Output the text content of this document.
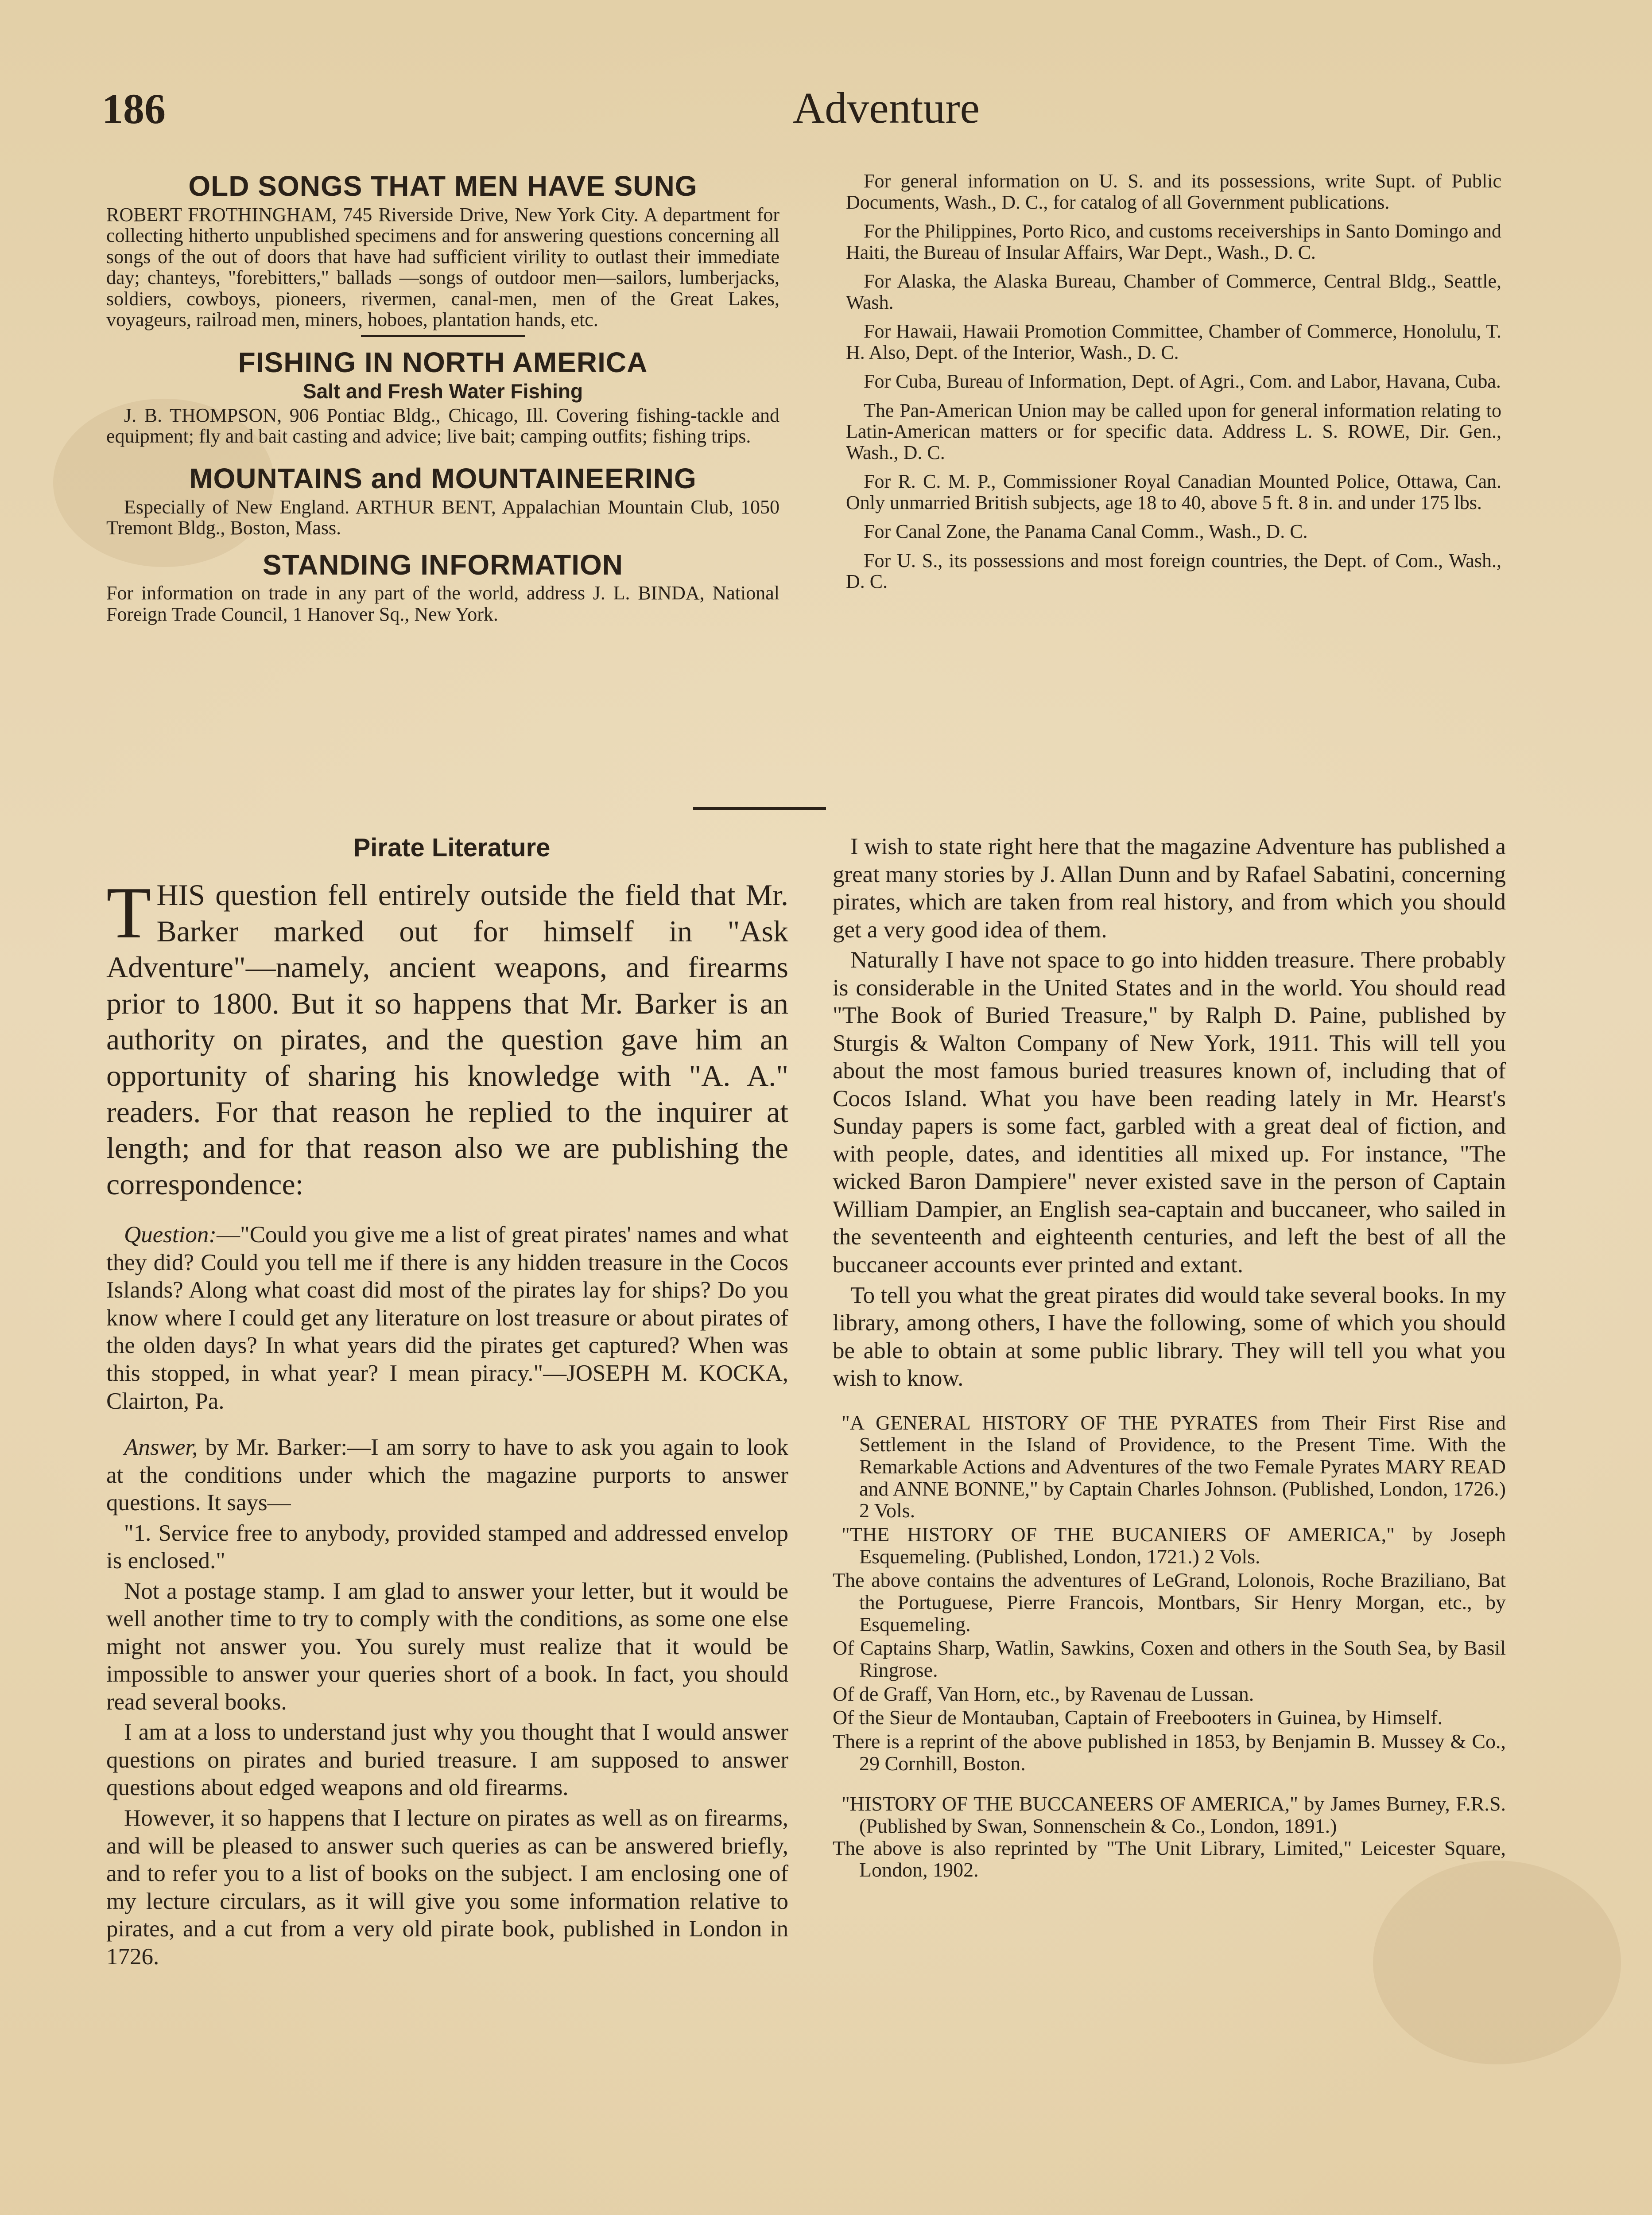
186	Adventure

OLD SONGS THAT MEN HAVE SUNG

ROBERT FROTHINGHAM, 745 Riverside Drive, New York City. A department for collecting hitherto unpublished specimens and for answering questions concerning all songs of the out of doors that have had sufficient virility to outlast their immediate day; chanteys, "forebitters," ballads —songs of outdoor men—sailors, lumberjacks, soldiers, cowboys, pioneers, rivermen, canal-men, men of the Great Lakes, voyageurs, railroad men, miners, hoboes, plantation hands, etc.

FISHING IN NORTH AMERICA

Salt and Fresh Water Fishing

J. B. THOMPSON, 906 Pontiac Bldg., Chicago, Ill. Covering fishing-tackle and equipment; fly and bait casting and advice; live bait; camping outfits; fishing trips.

MOUNTAINS and MOUNTAINEERING

Especially of New England. ARTHUR BENT, Appalachian Mountain Club, 1050 Tremont Bldg., Boston, Mass.

STANDING INFORMATION

For information on trade in any part of the world, address J. L. BINDA, National Foreign Trade Council, 1 Hanover Sq., New York.

For general information on U. S. and its possessions, write Supt. of Public Documents, Wash., D. C., for catalog of all Government publications.

For the Philippines, Porto Rico, and customs receiverships in Santo Domingo and Haiti, the Bureau of Insular Affairs, War Dept., Wash., D. C.

For Alaska, the Alaska Bureau, Chamber of Commerce, Central Bldg., Seattle, Wash.

For Hawaii, Hawaii Promotion Committee, Chamber of Commerce, Honolulu, T. H. Also, Dept. of the Interior, Wash., D. C.

For Cuba, Bureau of Information, Dept. of Agri., Com. and Labor, Havana, Cuba.

The Pan-American Union may be called upon for general information relating to Latin-American matters or for specific data. Address L. S. ROWE, Dir. Gen., Wash., D. C.

For R. C. M. P., Commissioner Royal Canadian Mounted Police, Ottawa, Can. Only unmarried British subjects, age 18 to 40, above 5 ft. 8 in. and under 175 lbs.

For Canal Zone, the Panama Canal Comm., Wash., D. C.

For U. S., its possessions and most foreign countries, the Dept. of Com., Wash., D. C.

Pirate Literature

THIS question fell entirely outside the field that Mr. Barker marked out for himself in "Ask Adventure"—namely, ancient weapons, and firearms prior to 1800. But it so happens that Mr. Barker is an authority on pirates, and the question gave him an opportunity of sharing his knowledge with "A. A." readers. For that reason he replied to the inquirer at length; and for that reason also we are publishing the correspondence:

Question:—"Could you give me a list of great pirates' names and what they did? Could you tell me if there is any hidden treasure in the Cocos Islands? Along what coast did most of the pirates lay for ships? Do you know where I could get any literature on lost treasure or about pirates of the olden days? In what years did the pirates get captured? When was this stopped, in what year? I mean piracy."—JOSEPH M. KOCKA, Clairton, Pa.

Answer, by Mr. Barker:—I am sorry to have to ask you again to look at the conditions under which the magazine purports to answer questions. It says—

"1. Service free to anybody, provided stamped and addressed envelop is enclosed."

Not a postage stamp. I am glad to answer your letter, but it would be well another time to try to comply with the conditions, as some one else might not answer you. You surely must realize that it would be impossible to answer your queries short of a book. In fact, you should read several books.

I am at a loss to understand just why you thought that I would answer questions on pirates and buried treasure. I am supposed to answer questions about edged weapons and old firearms.

However, it so happens that I lecture on pirates as well as on firearms, and will be pleased to answer such queries as can be answered briefly, and to refer you to a list of books on the subject. I am enclosing one of my lecture circulars, as it will give you some information relative to pirates, and a cut from a very old pirate book, published in London in 1726.

I wish to state right here that the magazine Adventure has published a great many stories by J. Allan Dunn and by Rafael Sabatini, concerning pirates, which are taken from real history, and from which you should get a very good idea of them.

Naturally I have not space to go into hidden treasure. There probably is considerable in the United States and in the world. You should read "The Book of Buried Treasure," by Ralph D. Paine, published by Sturgis & Walton Company of New York, 1911. This will tell you about the most famous buried treasures known of, including that of Cocos Island. What you have been reading lately in Mr. Hearst's Sunday papers is some fact, garbled with a great deal of fiction, and with people, dates, and identities all mixed up. For instance, "The wicked Baron Dampiere" never existed save in the person of Captain William Dampier, an English sea-captain and buccaneer, who sailed in the seventeenth and eighteenth centuries, and left the best of all the buccaneer accounts ever printed and extant.

To tell you what the great pirates did would take several books. In my library, among others, I have the following, some of which you should be able to obtain at some public library. They will tell you what you wish to know.

"A GENERAL HISTORY OF THE PYRATES from Their First Rise and Settlement in the Island of Providence, to the Present Time. With the Remarkable Actions and Adventures of the two Female Pyrates MARY READ and ANNE BONNE," by Captain Charles Johnson. (Published, London, 1726.) 2 Vols.

"THE HISTORY OF THE BUCANIERS OF AMERICA," by Joseph Esquemeling. (Published, London, 1721.) 2 Vols.

The above contains the adventures of LeGrand, Lolonois, Roche Braziliano, Bat the Portuguese, Pierre Francois, Montbars, Sir Henry Morgan, etc., by Esquemeling.

Of Captains Sharp, Watlin, Sawkins, Coxen and others in the South Sea, by Basil Ringrose.

Of de Graff, Van Horn, etc., by Ravenau de Lussan.

Of the Sieur de Montauban, Captain of Freebooters in Guinea, by Himself.

There is a reprint of the above published in 1853, by Benjamin B. Mussey & Co., 29 Cornhill, Boston.

"HISTORY OF THE BUCCANEERS OF AMERICA," by James Burney, F.R.S. (Published by Swan, Sonnenschein & Co., London, 1891.)

The above is also reprinted by "The Unit Library, Limited," Leicester Square, London, 1902.
